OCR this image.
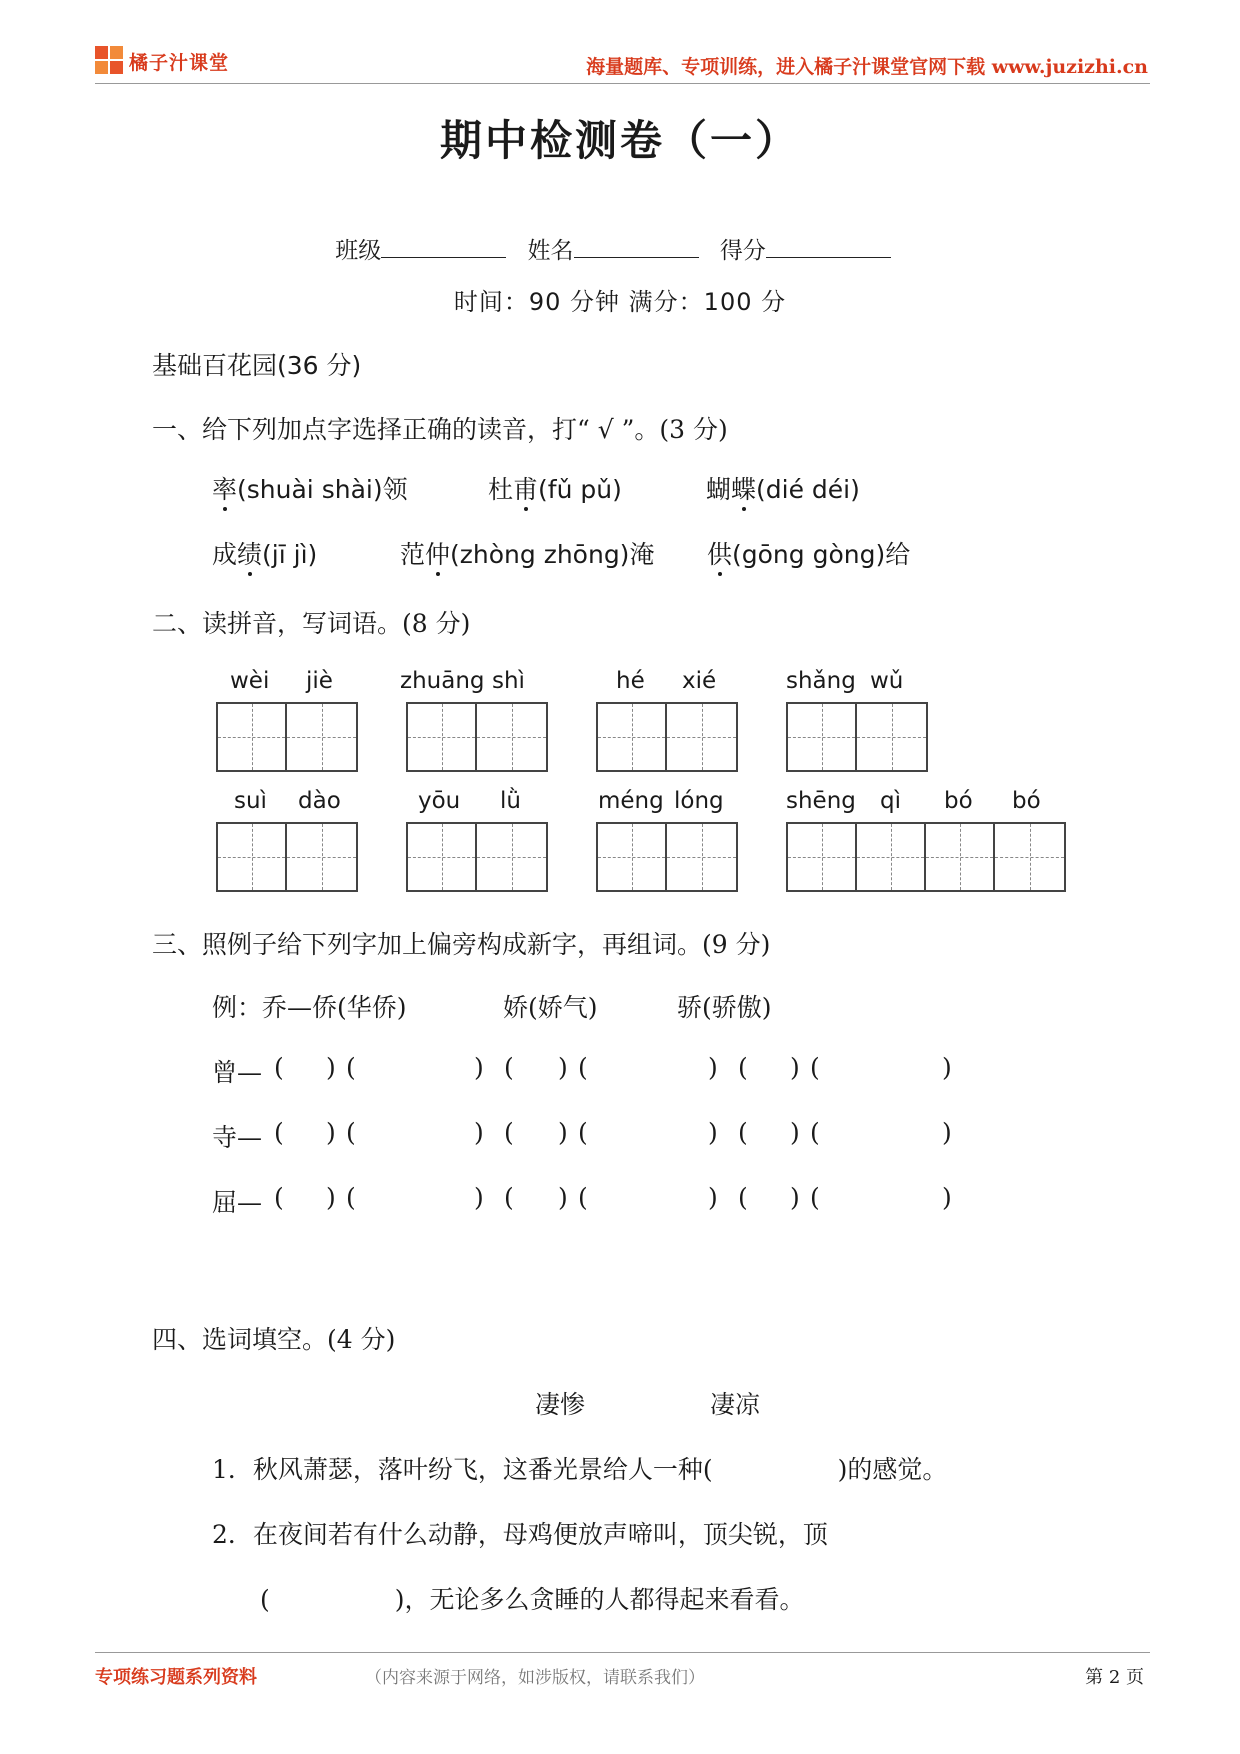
橘子汁课堂	海量题库、专项训练，进入橘子汁课堂官网下载 www.juzizhi.cn
期中检测卷（一）
班级	姓名	得分
时间：90 分钟 满分：100 分
基础百花园(36 分)
一、给下列加点字选择正确的读音，打“ √ ”。(3 分)
率(shuài shài)领	杜甫(fǔ pǔ)	蝴蝶(dié déi)
成绩(jī jì)	范仲(zhòng zhōng)淹 供(gōng gòng)给
二、读拼音，写词语。(8 分)
wèi jiè	zhuāng shì	hé xié	shǎng wǔ
suì dào	yōu lǜ	méng lóng	shēng qì bó bó
三、照例子给下列字加上偏旁构成新字，再组词。(9 分)
例：乔—侨(华侨)	娇(娇气)	骄(骄傲)
曾— ( ) (	) ( ) (	) ( ) (	)
寺— ( ) (	) ( ) (	) ( ) (	)
屈— ( ) (	) ( ) (	) ( ) (	)
四、选词填空。(4 分)
凄惨	凄凉
1．秋风萧瑟，落叶纷飞，这番光景给人一种(　　　　　)的感觉。
2．在夜间若有什么动静，母鸡便放声啼叫，顶尖锐，顶
(　　　　　)，无论多么贪睡的人都得起来看看。
专项练习题系列资料	（内容来源于网络，如涉版权，请联系我们）	第 2 页
